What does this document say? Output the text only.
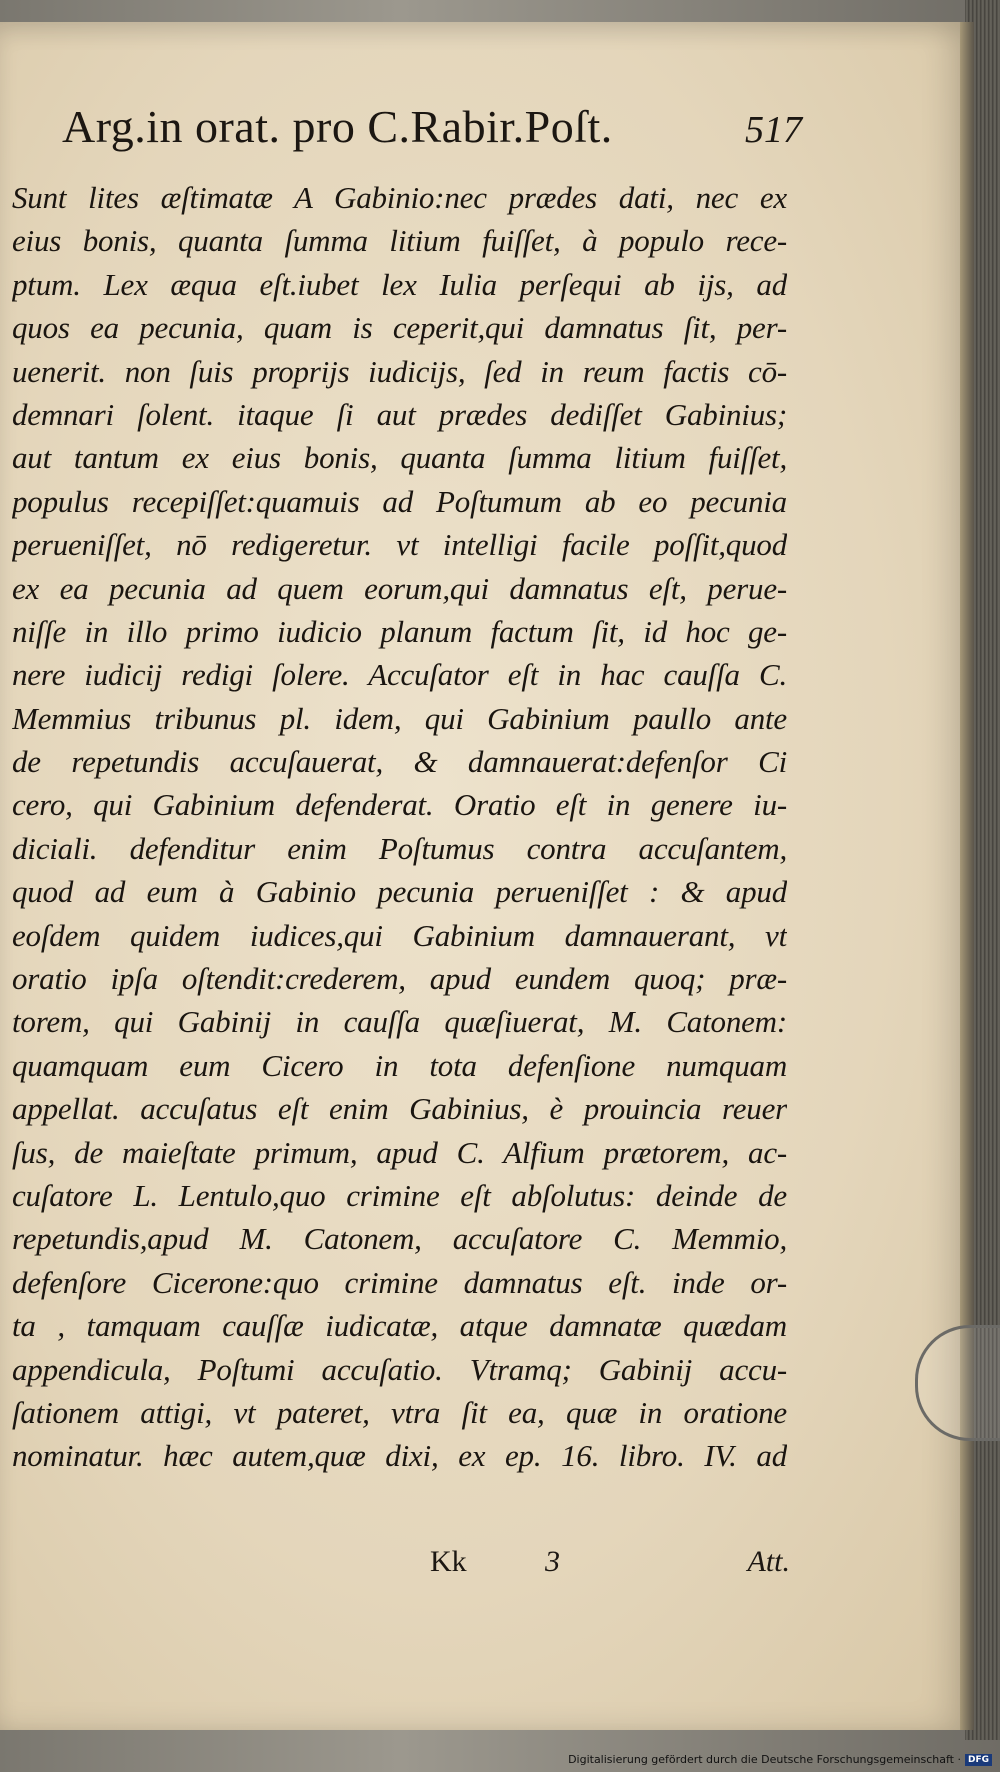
Arg.in orat. pro C.Rabir.Poſt.	517
Sunt lites æſtimatæ A Gabinio:nec prædes dati, nec ex
eius bonis, quanta ſumma litium fuiſſet, à populo rece-
ptum. Lex æqua eſt.iubet lex Iulia perſequi ab ijs, ad
quos ea pecunia, quam is ceperit,qui damnatus ſit, per-
uenerit. non ſuis proprijs iudicijs, ſed in reum factis cō-
demnari ſolent. itaque ſi aut prædes dediſſet Gabinius;
aut tantum ex eius bonis, quanta ſumma litium fuiſſet,
populus recepiſſet:quamuis ad Poſtumum ab eo pecunia
perueniſſet, nō redigeretur. vt intelligi facile poſſit,quod
ex ea pecunia ad quem eorum,qui damnatus eſt, perue-
niſſe in illo primo iudicio planum factum ſit, id hoc ge-
nere iudicij redigi ſolere. Accuſator eſt in hac cauſſa C.
Memmius tribunus pl. idem, qui Gabinium paullo ante
de repetundis accuſauerat, & damnauerat:defenſor Ci
cero, qui Gabinium defenderat. Oratio eſt in genere iu-
diciali. defenditur enim Poſtumus contra accuſantem,
quod ad eum à Gabinio pecunia perueniſſet : & apud
eoſdem quidem iudices,qui Gabinium damnauerant, vt
oratio ipſa oſtendit:crederem, apud eundem quoq; præ-
torem, qui Gabinij in cauſſa quæſiuerat, M. Catonem:
quamquam eum Cicero in tota defenſione numquam
appellat. accuſatus eſt enim Gabinius, è prouincia reuer
ſus, de maieſtate primum, apud C. Alfium prætorem, ac-
cuſatore L. Lentulo,quo crimine eſt abſolutus: deinde de
repetundis,apud M. Catonem, accuſatore C. Memmio,
defenſore Cicerone:quo crimine damnatus eſt. inde or-
ta , tamquam cauſſæ iudicatæ, atque damnatæ quædam
appendicula, Poſtumi accuſatio. Vtramq; Gabinij accu-
ſationem attigi, vt pateret, vtra ſit ea, quæ in oratione
nominatur. hæc autem,quæ dixi, ex ep. 16. libro. IV. ad
Kk	3	Att.
Digitalisierung gefördert durch die Deutsche Forschungsgemeinschaft · DFG
